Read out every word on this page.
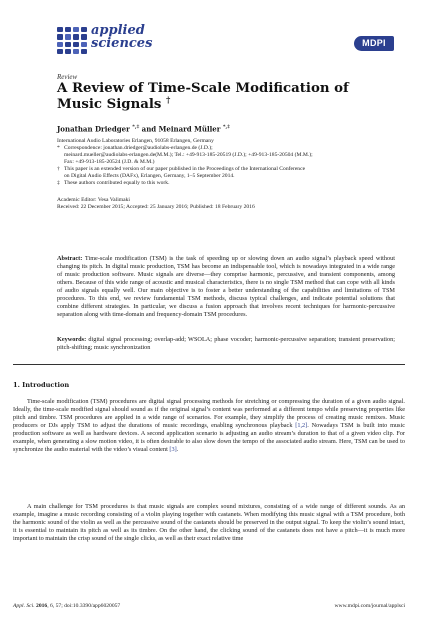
applied
sciences	MDPI
Review
A Review of Time-Scale Modification of Music Signals †
Jonathan Driedger *,‡ and Meinard Müller *,‡
International Audio Laboratories Erlangen, 91058 Erlangen, Germany
* Correspondence: jonathan.driedger@audiolabs-erlangen.de (J.D.);
meinard.mueller@audiolabs-erlangen.de(M.M.); Tel.: +49-913-185-20519 (J.D.); +49-913-185-20504 (M.M.);
Fax: +49-913-185-20524 (J.D. & M.M.)
† This paper is an extended version of our paper published in the Proceedings of the International Conference
on Digital Audio Effects (DAFx), Erlangen, Germany, 1–5 September 2014.
‡ These authors contributed equally to this work.
Academic Editor: Vesa Valimaki
Received: 22 December 2015; Accepted: 25 January 2016; Published: 18 February 2016
Abstract: Time-scale modification (TSM) is the task of speeding up or slowing down an audio signal’s playback speed without changing its pitch. In digital music production, TSM has become an indispensable tool, which is nowadays integrated in a wide range of music production software. Music signals are diverse—they comprise harmonic, percussive, and transient components, among others. Because of this wide range of acoustic and musical characteristics, there is no single TSM method that can cope with all kinds of audio signals equally well. Our main objective is to foster a better understanding of the capabilities and limitations of TSM procedures. To this end, we review fundamental TSM methods, discuss typical challenges, and indicate potential solutions that combine different strategies. In particular, we discuss a fusion approach that involves recent techniques for harmonic-percussive separation along with time-domain and frequency-domain TSM procedures.
Keywords: digital signal processing; overlap-add; WSOLA; phase vocoder; harmonic-percussive separation; transient preservation; pitch-shifting; music synchronization
1. Introduction
Time-scale modification (TSM) procedures are digital signal processing methods for stretching or compressing the duration of a given audio signal. Ideally, the time-scale modified signal should sound as if the original signal’s content was performed at a different tempo while preserving properties like pitch and timbre. TSM procedures are applied in a wide range of scenarios. For example, they simplify the process of creating music remixes. Music producers or DJs apply TSM to adjust the durations of music recordings, enabling synchronous playback [1,2]. Nowadays TSM is built into music production software as well as hardware devices. A second application scenario is adjusting an audio stream’s duration to that of a given video clip. For example, when generating a slow motion video, it is often desirable to also slow down the tempo of the associated audio stream. Here, TSM can be used to synchronize the audio material with the video’s visual content [3].
A main challenge for TSM procedures is that music signals are complex sound mixtures, consisting of a wide range of different sounds. As an example, imagine a music recording consisting of a violin playing together with castanets. When modifying this music signal with a TSM procedure, both the harmonic sound of the violin as well as the percussive sound of the castanets should be preserved in the output signal. To keep the violin’s sound intact, it is essential to maintain its pitch as well as its timbre. On the other hand, the clicking sound of the castanets does not have a pitch—it is much more important to maintain the crisp sound of the single clicks, as well as their exact relative time
Appl. Sci. 2016, 6, 57; doi:10.3390/app6020057	www.mdpi.com/journal/applsci
